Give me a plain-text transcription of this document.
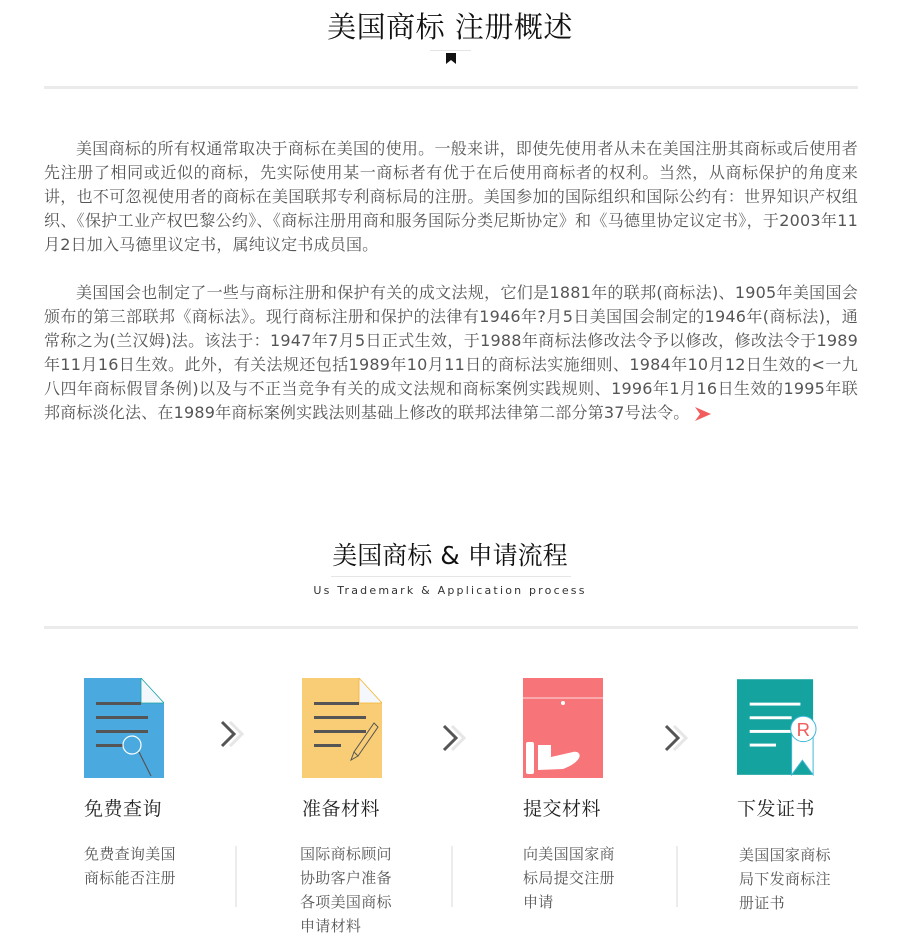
美国商标 注册概述

美国商标的所有权通常取决于商标在美国的使用。一般来讲，即使先使用者从未在美国注册其商标或后使用者先注册了相同或近似的商标，先实际使用某一商标者有优于在后使用商标者的权利。当然，从商标保护的角度来讲，也不可忽视使用者的商标在美国联邦专利商标局的注册。美国参加的国际组织和国际公约有：世界知识产权组织、《保护工业产权巴黎公约》、《商标注册用商和服务国际分类尼斯协定》和《马德里协定议定书》，于2003年11月2日加入马德里议定书，属纯议定书成员国。

美国国会也制定了一些与商标注册和保护有关的成文法规，它们是1881年的联邦(商标法)、1905年美国国会颁布的第三部联邦《商标法》。现行商标注册和保护的法律有1946年?月5日美国国会制定的1946年(商标法)，通常称之为(兰汉姆)法。该法于：1947年7月5日正式生效，于1988年商标法修改法令予以修改，修改法令于1989年11月16日生效。此外，有关法规还包括1989年10月11日的商标法实施细则、1984年10月12日生效的<一九八四年商标假冒条例)以及与不正当竞争有关的成文法规和商标案例实践规则、1996年1月16日生效的1995年联邦商标淡化法、在1989年商标案例实践法则基础上修改的联邦法律第二部分第37号法令。

美国商标 & 申请流程
Us Trademark & Application process
免费查询	准备材料	提交材料
R
下发证书
免费查询美国
商标能否注册
国际商标顾问
协助客户准备
各项美国商标
申请材料
向美国国家商
标局提交注册
申请
美国国家商标
局下发商标注
册证书
